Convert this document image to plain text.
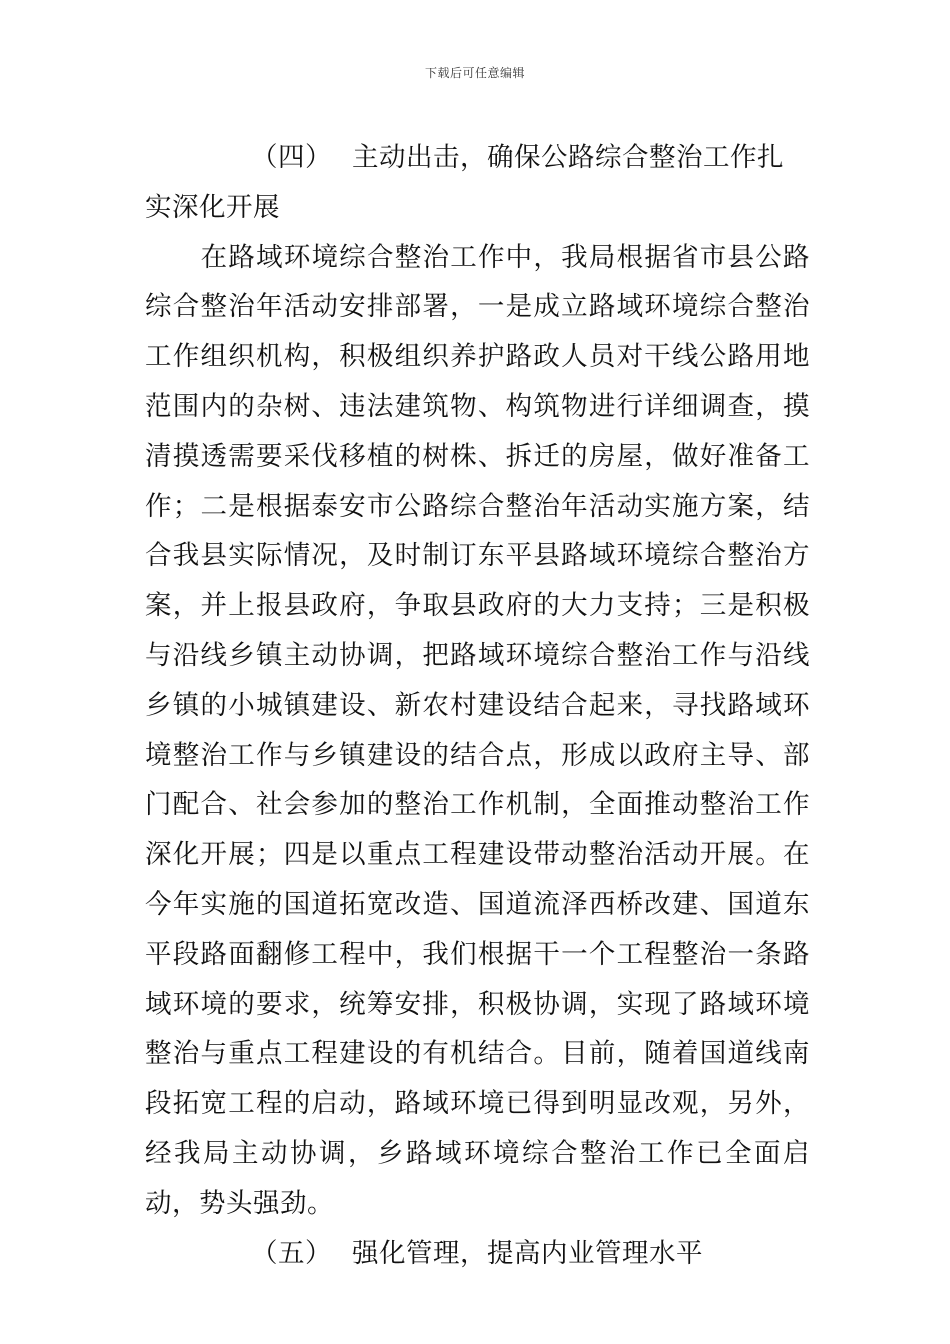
下载后可任意编辑

（四） 主动出击，确保公路综合整治工作扎实深化开展

在路域环境综合整治工作中，我局根据省市县公路综合整治年活动安排部署，一是成立路域环境综合整治工作组织机构，积极组织养护路政人员对干线公路用地范围内的杂树、违法建筑物、构筑物进行详细调查，摸清摸透需要采伐移植的树株、拆迁的房屋，做好准备工作；二是根据泰安市公路综合整治年活动实施方案，结合我县实际情况，及时制订东平县路域环境综合整治方案，并上报县政府，争取县政府的大力支持；三是积极与沿线乡镇主动协调，把路域环境综合整治工作与沿线乡镇的小城镇建设、新农村建设结合起来，寻找路域环境整治工作与乡镇建设的结合点，形成以政府主导、部门配合、社会参加的整治工作机制，全面推动整治工作深化开展；四是以重点工程建设带动整治活动开展。在今年实施的国道拓宽改造、国道流泽西桥改建、国道东平段路面翻修工程中，我们根据干一个工程整治一条路域环境的要求，统筹安排，积极协调，实现了路域环境整治与重点工程建设的有机结合。目前，随着国道线南段拓宽工程的启动，路域环境已得到明显改观，另外，经我局主动协调，乡路域环境综合整治工作已全面启动，势头强劲。

（五） 强化管理，提高内业管理水平
